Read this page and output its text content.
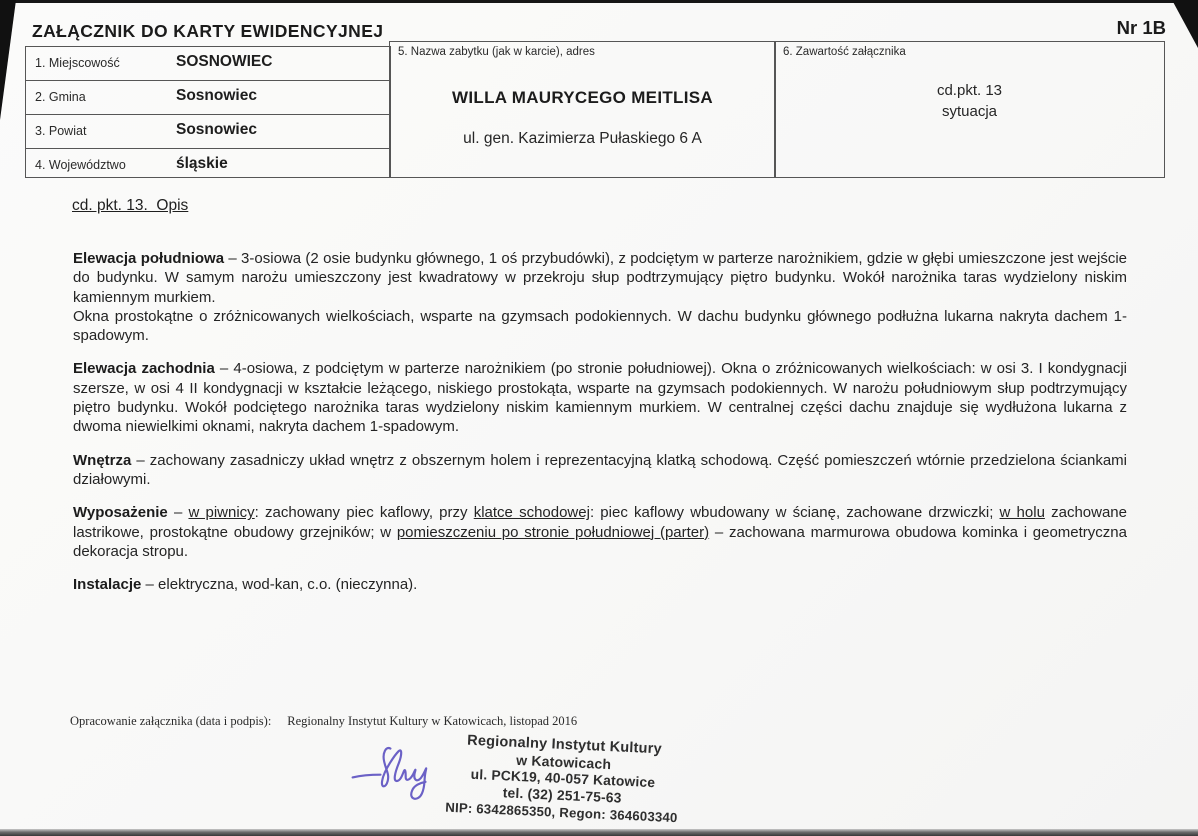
ZAŁĄCZNIK DO KARTY EWIDENCYJNEJ	Nr 1B
1. Miejscowość	SOSNOWIEC
2. Gmina	Sosnowiec
3. Powiat	Sosnowiec
4. Województwo	śląskie
5. Nazwa zabytku (jak w karcie), adres
WILLA MAURYCEGO MEITLISA
ul. gen. Kazimierza Pułaskiego 6 A
6. Zawartość załącznika
cd.pkt. 13
sytuacja
cd. pkt. 13.  Opis

Elewacja południowa – 3-osiowa (2 osie budynku głównego, 1 oś przybudówki), z podciętym w parterze narożnikiem, gdzie w głębi umieszczone jest wejście do budynku. W samym narożu umieszczony jest kwadratowy w przekroju słup podtrzymujący piętro budynku. Wokół narożnika taras wydzielony niskim kamiennym murkiem.
Okna prostokątne o zróżnicowanych wielkościach, wsparte na gzymsach podokiennych. W dachu budynku głównego podłużna lukarna nakryta dachem 1-spadowym.

Elewacja zachodnia – 4-osiowa, z podciętym w parterze narożnikiem (po stronie południowej). Okna o zróżnicowanych wielkościach: w osi 3. I kondygnacji szersze, w osi 4 II kondygnacji w kształcie leżącego, niskiego prostokąta, wsparte na gzymsach podokiennych. W narożu południowym słup podtrzymujący piętro budynku. Wokół podciętego narożnika taras wydzielony niskim kamiennym murkiem. W centralnej części dachu znajduje się wydłużona lukarna z dwoma niewielkimi oknami, nakryta dachem 1-spadowym.

Wnętrza – zachowany zasadniczy układ wnętrz z obszernym holem i reprezentacyjną klatką schodową. Część pomieszczeń wtórnie przedzielona ściankami działowymi.

Wyposażenie – w piwnicy: zachowany piec kaflowy, przy klatce schodowej: piec kaflowy wbudowany w ścianę, zachowane drzwiczki; w holu zachowane lastrikowe, prostokątne obudowy grzejników; w pomieszczeniu po stronie południowej (parter) – zachowana marmurowa obudowa kominka i geometryczna dekoracja stropu.

Instalacje – elektryczna, wod-kan, c.o. (nieczynna).

Opracowanie załącznika (data i podpis): Regionalny Instytut Kultury w Katowicach, listopad 2016
Regionalny Instytut Kultury
w Katowicach
ul. PCK19, 40-057 Katowice
tel. (32) 251-75-63
NIP: 6342865350, Regon: 364603340
